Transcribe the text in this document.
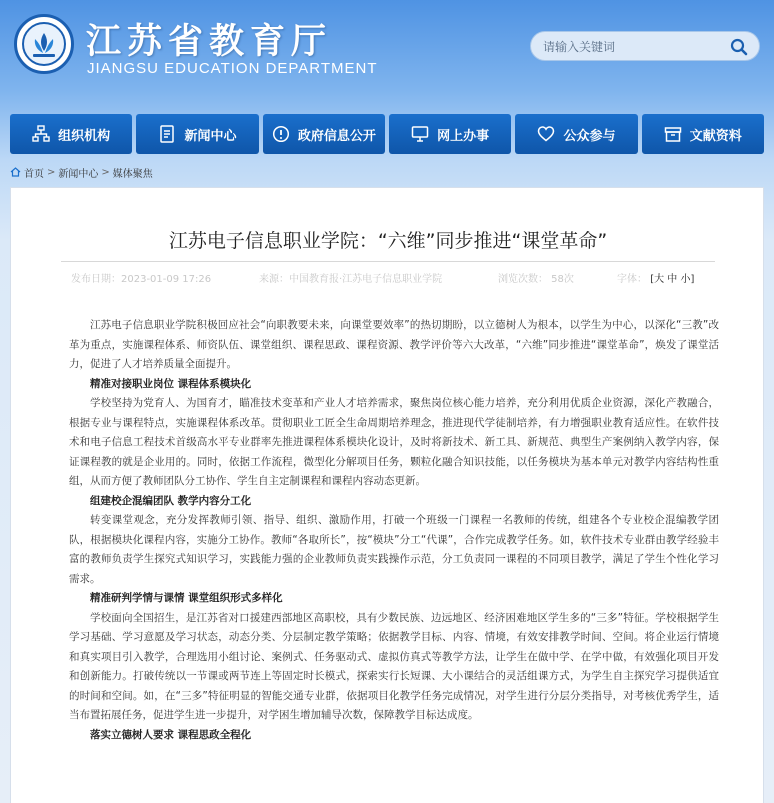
江苏省教育厅
JIANGSU EDUCATION DEPARTMENT
请输入关键词
组织机构	新闻中心	政府信息公开	网上办事	公众参与	文献资料
首页 > 新闻中心 > 媒体聚焦
江苏电子信息职业学院：“六维”同步推进“课堂革命”
发布日期：2023-01-09 17:26	来源：中国教育报·江苏电子信息职业学院	浏览次数： 58次	字体： [大 中 小]

江苏电子信息职业学院积极回应社会“向职教要未来，向课堂要效率”的热切期盼，以立德树人为根本，以学生为中心，以深化“三教”改革为重点，实施课程体系、师资队伍、课堂组织、课程思政、课程资源、教学评价等六大改革，“六维”同步推进“课堂革命”，焕发了课堂活力，促进了人才培养质量全面提升。

精准对接职业岗位 课程体系模块化

学校坚持为党育人、为国育才，瞄准技术变革和产业人才培养需求，聚焦岗位核心能力培养，充分利用优质企业资源，深化产教融合，根据专业与课程特点，实施课程体系改革。贯彻职业工匠全生命周期培养理念，推进现代学徒制培养，有力增强职业教育适应性。在软件技术和电子信息工程技术首级高水平专业群率先推进课程体系模块化设计，及时将新技术、新工具、新规范、典型生产案例纳入教学内容，保证课程教的就是企业用的。同时，依据工作流程，微型化分解项目任务，颗粒化融合知识技能，以任务模块为基本单元对教学内容结构性重组，从而方便了教师团队分工协作、学生自主定制课程和课程内容动态更新。

组建校企混编团队 教学内容分工化

转变课堂观念，充分发挥教师引领、指导、组织、激励作用，打破一个班级一门课程一名教师的传统，组建各个专业校企混编教学团队，根据模块化课程内容，实施分工协作。教师“各取所长”，按“模块”分工“代课”，合作完成教学任务。如，软件技术专业群由教学经验丰富的教师负责学生探究式知识学习，实践能力强的企业教师负责实践操作示范，分工负责同一课程的不同项目教学，满足了学生个性化学习需求。

精准研判学情与课情 课堂组织形式多样化

学校面向全国招生，是江苏省对口援建西部地区高职校，具有少数民族、边远地区、经济困难地区学生多的“三多”特征。学校根据学生学习基础、学习意愿及学习状态，动态分类、分层制定教学策略；依据教学目标、内容、情境，有效安排教学时间、空间。将企业运行情境和真实项目引入教学，合理选用小组讨论、案例式、任务驱动式、虚拟仿真式等教学方法，让学生在做中学、在学中做，有效强化项目开发和创新能力。打破传统以一节课或两节连上等固定时长模式，探索实行长短课、大小课结合的灵活组课方式，为学生自主探究学习提供适宜的时间和空间。如，在“三多”特征明显的智能交通专业群，依据项目化教学任务完成情况，对学生进行分层分类指导，对考核优秀学生，适当布置拓展任务，促进学生进一步提升，对学困生增加辅导次数，保障教学目标达成度。

落实立德树人要求 课程思政全程化
